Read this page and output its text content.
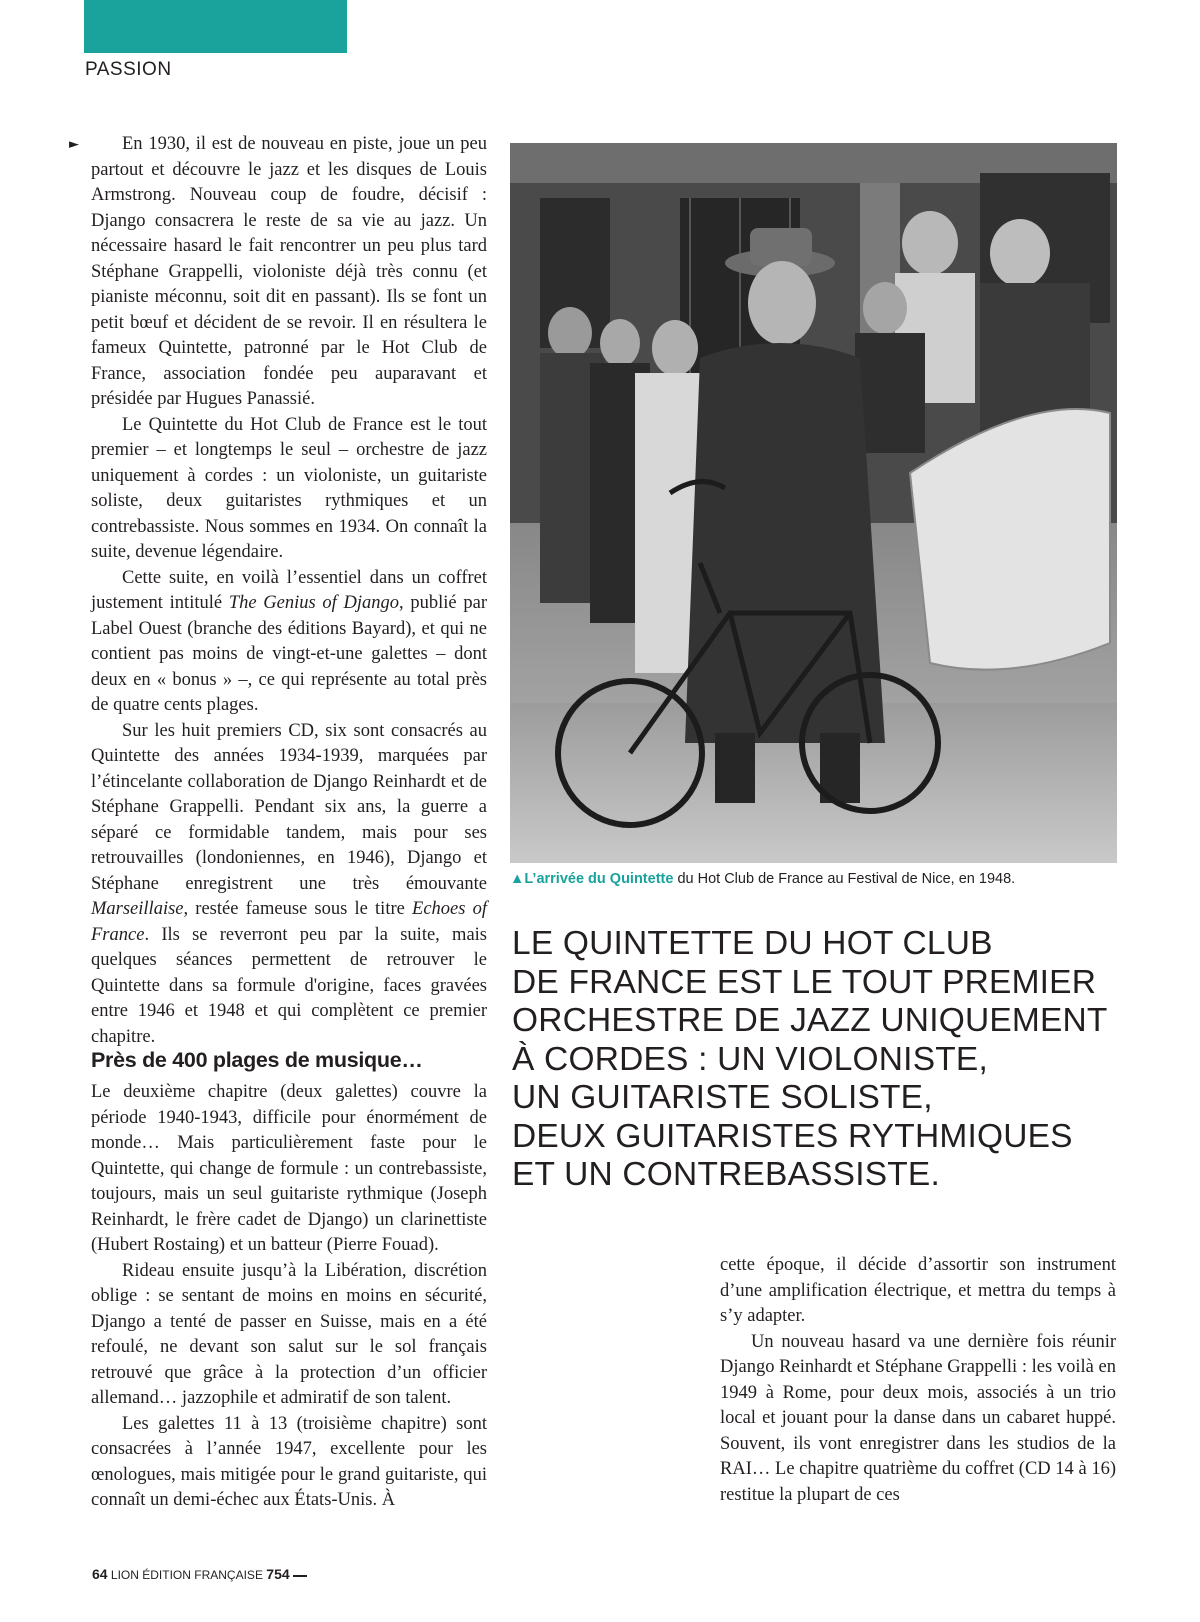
PASSION
►	En 1930, il est de nouveau en piste, joue un peu partout et découvre le jazz et les disques de Louis Armstrong. Nouveau coup de foudre, décisif : Django consacrera le reste de sa vie au jazz. Un nécessaire hasard le fait rencontrer un peu plus tard Stéphane Grappelli, violoniste déjà très connu (et pianiste méconnu, soit dit en passant). Ils se font un petit bœuf et décident de se revoir. Il en résultera le fameux Quintette, patronné par le Hot Club de France, association fondée peu auparavant et présidée par Hugues Panassié.

Le Quintette du Hot Club de France est le tout premier – et longtemps le seul – orchestre de jazz uniquement à cordes : un violoniste, un guitariste soliste, deux guitaristes rythmiques et un contrebassiste. Nous sommes en 1934. On connaît la suite, devenue légendaire.

Cette suite, en voilà l’essentiel dans un coffret justement intitulé The Genius of Django, publié par Label Ouest (branche des éditions Bayard), et qui ne contient pas moins de vingt-et-une galettes – dont deux en « bonus » –, ce qui représente au total près de quatre cents plages.

Sur les huit premiers CD, six sont consacrés au Quintette des années 1934-1939, marquées par l’étincelante collaboration de Django Reinhardt et de Stéphane Grappelli. Pendant six ans, la guerre a séparé ce formidable tandem, mais pour ses retrouvailles (londoniennes, en 1946), Django et Stéphane enregistrent une très émouvante Marseillaise, restée fameuse sous le titre Echoes of France. Ils se reverront peu par la suite, mais quelques séances permettent de retrouver le Quintette dans sa formule d'origine, faces gravées entre 1946 et 1948 et qui complètent ce premier chapitre.

Près de 400 plages de musique…

Le deuxième chapitre (deux galettes) couvre la période 1940-1943, difficile pour énormément de monde… Mais particulièrement faste pour le Quintette, qui change de formule : un contrebassiste, toujours, mais un seul guitariste rythmique (Joseph Reinhardt, le frère cadet de Django) un clarinettiste (Hubert Rostaing) et un batteur (Pierre Fouad).

Rideau ensuite jusqu’à la Libération, discrétion oblige : se sentant de moins en moins en sécurité, Django a tenté de passer en Suisse, mais en a été refoulé, ne devant son salut sur le sol français retrouvé que grâce à la protection d’un officier allemand… jazzophile et admiratif de son talent.

Les galettes 11 à 13 (troisième chapitre) sont consacrées à l’année 1947, excellente pour les œnologues, mais mitigée pour le grand guitariste, qui connaît un demi-échec aux États-Unis. À

▲L’arrivée du Quintette du Hot Club de France au Festival de Nice, en 1948.
LE QUINTETTE DU HOT CLUB
DE FRANCE EST LE TOUT PREMIER
ORCHESTRE DE JAZZ UNIQUEMENT
À CORDES : UN VIOLONISTE,
UN GUITARISTE SOLISTE,
DEUX GUITARISTES RYTHMIQUES
ET UN CONTREBASSISTE.

cette époque, il décide d’assortir son instrument d’une amplification électrique, et mettra du temps à s’y adapter.

Un nouveau hasard va une dernière fois réunir Django Reinhardt et Stéphane Grappelli : les voilà en 1949 à Rome, pour deux mois, associés à un trio local et jouant pour la danse dans un cabaret huppé. Souvent, ils vont enregistrer dans les studios de la RAI… Le chapitre quatrième du coffret (CD 14 à 16) restitue la plupart de ces

64 LION ÉDITION FRANÇAISE 754
